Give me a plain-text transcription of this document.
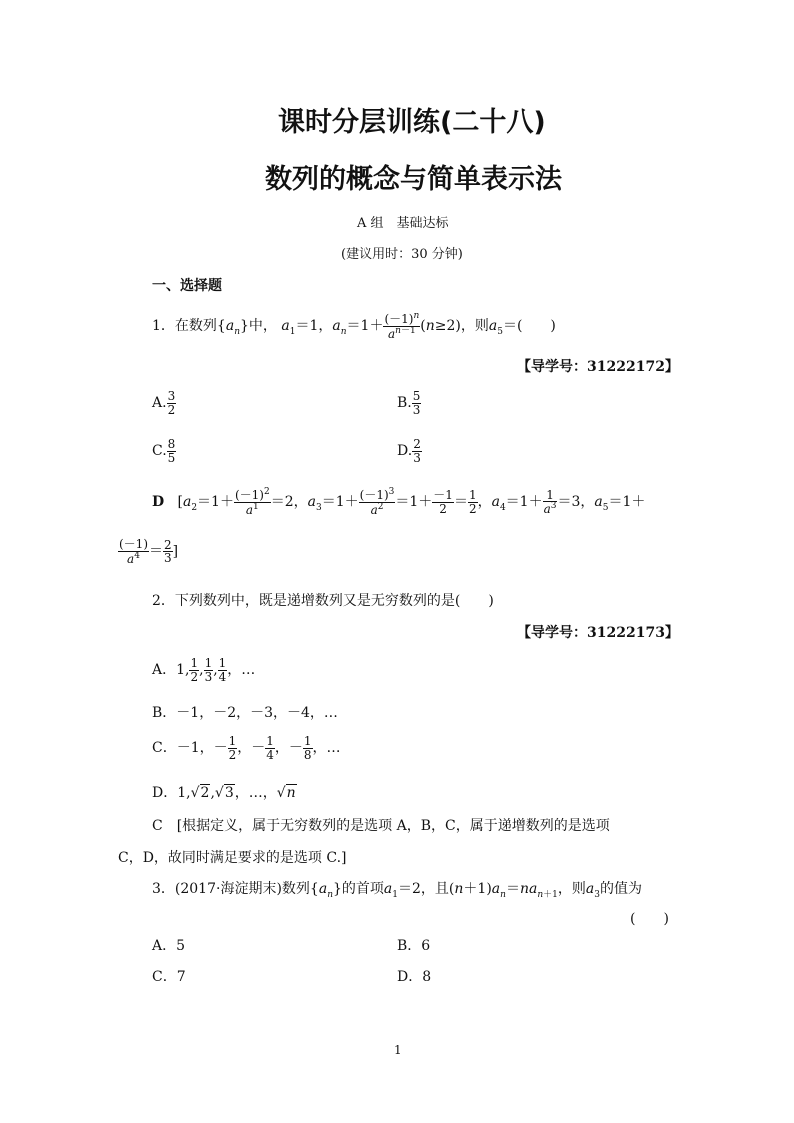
课时分层训练(二十八)
数列的概念与简单表示法
A 组　基础达标
(建议用时：30 分钟)
一、选择题
1．在数列$\{a_n\}$中， $a_1=1$，$a_n=1+ \frac{(-1)^n}{a^{n-1}} (n\ge 2)$，则$a_5=$(　　)
【导学号：31222172】
A. $\frac{3}{2}$	B. $\frac{5}{3}$
C. $\frac{8}{5}$	D. $\frac{2}{3}$
D   [$a_2=1+ \frac{(-1)^2}{a^1} =2$，$a_3=1+ \frac{(-1)^3}{a^2} =1+ \frac{-1}{2} = \frac{1}{2}$ ，$a_4=1+ \frac{1}{a^3} =3$，$a_5=1+$
$\frac{(-1)}{a^4} = \frac{2}{3}$ ]
2．下列数列中，既是递增数列又是无穷数列的是(　　)
【导学号：31222173】
A．1, $\frac{1}{2}$ , $\frac{1}{3}$ , $\frac{1}{4}$ ，…
B．－1，－2，－3，－4，…
C．－1，－ $\frac{1}{2}$ ，－ $\frac{1}{4}$ ，－ $\frac{1}{8}$ ，…
D．1,√2,√3，…，√n
C　[根据定义，属于无穷数列的是选项 A，B，C，属于递增数列的是选项
C，D，故同时满足要求的是选项 C.]
3．(2017·海淀期末)数列$\{a_n\}$的首项$a_1=2$，且$(n+1)a_n=na_{n+1}$，则$a_3$的值为
(　　)
A．5	B．6
C．7	D．8
1
